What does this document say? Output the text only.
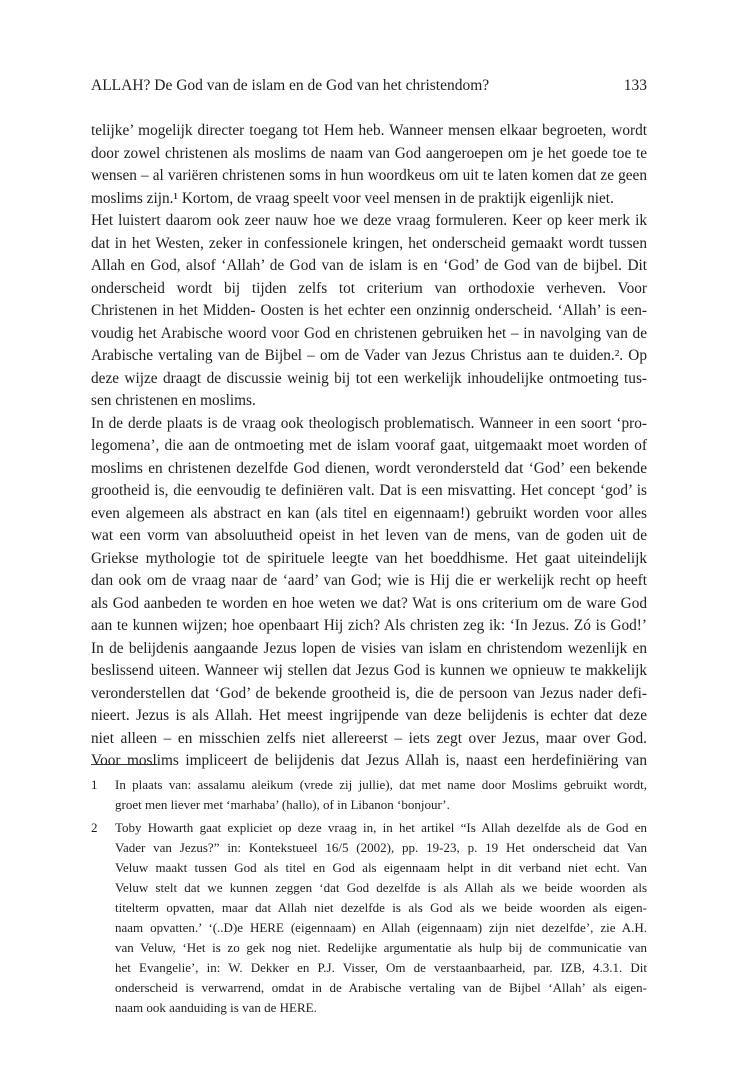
ALLAH? De God van de islam en de God van het christendom?	133
telijke’ mogelijk directer toegang tot Hem heb. Wanneer mensen elkaar begroeten, wordt
door zowel christenen als moslims de naam van God aangeroepen om je het goede toe te
wensen – al variëren christenen soms in hun woordkeus om uit te laten komen dat ze geen
moslims zijn.¹ Kortom, de vraag speelt voor veel mensen in de praktijk eigenlijk niet.
Het luistert daarom ook zeer nauw hoe we deze vraag formuleren. Keer op keer merk ik
dat in het Westen, zeker in confessionele kringen, het onderscheid gemaakt wordt tussen
Allah en God, alsof ‘Allah’ de God van de islam is en ‘God’ de God van de bijbel. Dit
onderscheid wordt bij tijden zelfs tot criterium van orthodoxie verheven. Voor
Christenen in het Midden- Oosten is het echter een onzinnig onderscheid. ‘Allah’ is een-
voudig het Arabische woord voor God en christenen gebruiken het – in navolging van de
Arabische vertaling van de Bijbel – om de Vader van Jezus Christus aan te duiden.². Op
deze wijze draagt de discussie weinig bij tot een werkelijk inhoudelijke ontmoeting tus-
sen christenen en moslims.
In de derde plaats is de vraag ook theologisch problematisch. Wanneer in een soort ‘pro-
legomena’, die aan de ontmoeting met de islam vooraf gaat, uitgemaakt moet worden of
moslims en christenen dezelfde God dienen, wordt verondersteld dat ‘God’ een bekende
grootheid is, die eenvoudig te definiëren valt. Dat is een misvatting. Het concept ‘god’ is
even algemeen als abstract en kan (als titel en eigennaam!) gebruikt worden voor alles
wat een vorm van absoluutheid opeist in het leven van de mens, van de goden uit de
Griekse mythologie tot de spirituele leegte van het boeddhisme. Het gaat uiteindelijk
dan ook om de vraag naar de ‘aard’ van God; wie is Hij die er werkelijk recht op heeft
als God aanbeden te worden en hoe weten we dat? Wat is ons criterium om de ware God
aan te kunnen wijzen; hoe openbaart Hij zich? Als christen zeg ik: ‘In Jezus. Zó is God!’
In de belijdenis aangaande Jezus lopen de visies van islam en christendom wezenlijk en
beslissend uiteen. Wanneer wij stellen dat Jezus God is kunnen we opnieuw te makkelijk
veronderstellen dat ‘God’ de bekende grootheid is, die de persoon van Jezus nader defi-
nieert. Jezus is als Allah. Het meest ingrijpende van deze belijdenis is echter dat deze
niet alleen – en misschien zelfs niet allereerst – iets zegt over Jezus, maar over God.
Voor moslims impliceert de belijdenis dat Jezus Allah is, naast een herdefiniëring van
1 In plaats van: assalamu aleikum (vrede zij jullie), dat met name door Moslims gebruikt wordt,
groet men liever met ‘marhaba’ (hallo), of in Libanon ‘bonjour’.
2 Toby Howarth gaat expliciet op deze vraag in, in het artikel “Is Allah dezelfde als de God en
Vader van Jezus?” in: Kontekstueel 16/5 (2002), pp. 19-23, p. 19 Het onderscheid dat Van
Veluw maakt tussen God als titel en God als eigennaam helpt in dit verband niet echt. Van
Veluw stelt dat we kunnen zeggen ‘dat God dezelfde is als Allah als we beide woorden als
titelterm opvatten, maar dat Allah niet dezelfde is als God als we beide woorden als eigen-
naam opvatten.’ ‘(..D)e HERE (eigennaam) en Allah (eigennaam) zijn niet dezelfde’, zie A.H.
van Veluw, ‘Het is zo gek nog niet. Redelijke argumentatie als hulp bij de communicatie van
het Evangelie’, in: W. Dekker en P.J. Visser, Om de verstaanbaarheid, par. IZB, 4.3.1. Dit
onderscheid is verwarrend, omdat in de Arabische vertaling van de Bijbel ‘Allah’ als eigen-
naam ook aanduiding is van de HERE.
